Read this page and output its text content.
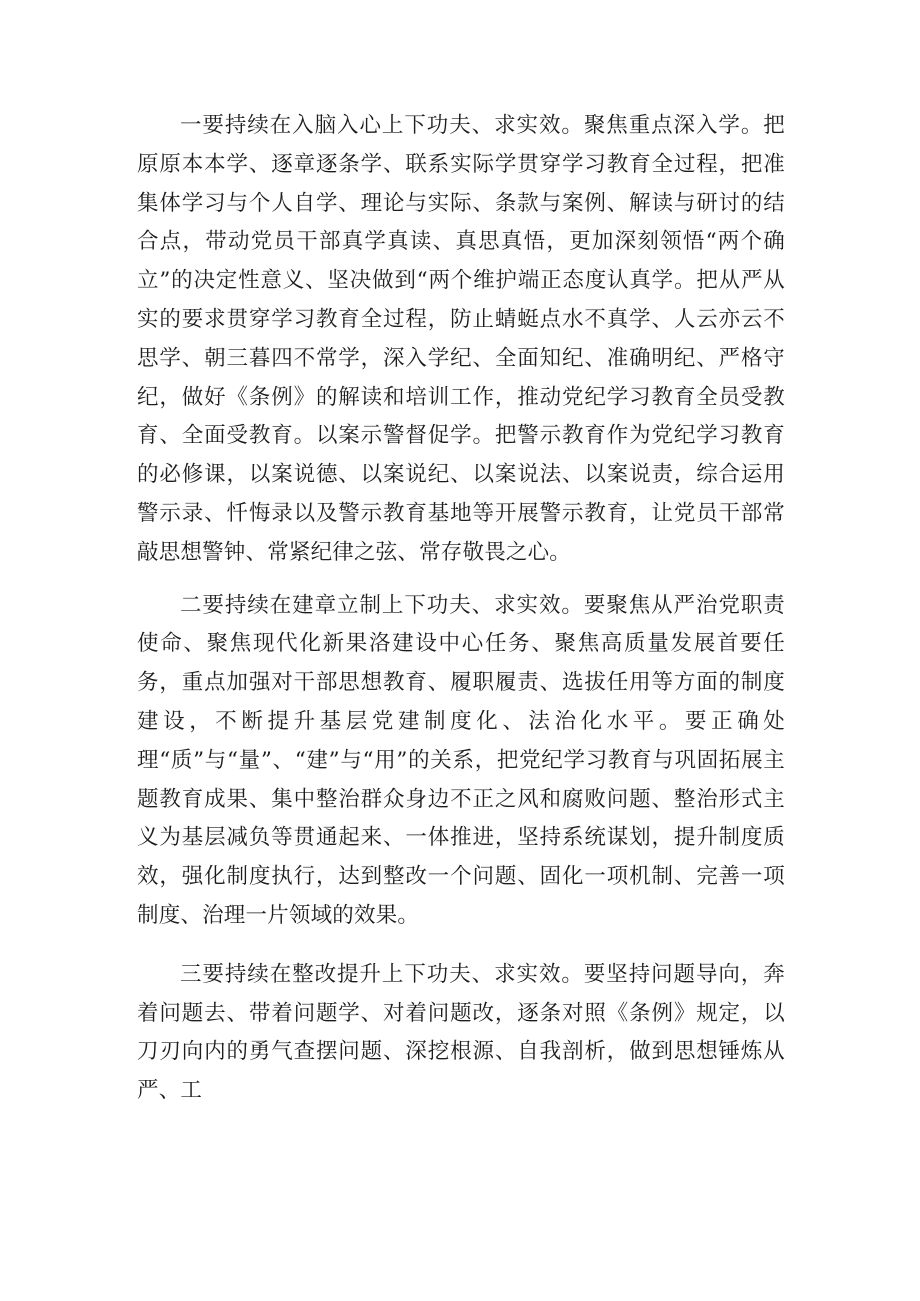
一要持续在入脑入心上下功夫、求实效。聚焦重点深入学。把原原本本学、逐章逐条学、联系实际学贯穿学习教育全过程，把准集体学习与个人自学、理论与实际、条款与案例、解读与研讨的结合点，带动党员干部真学真读、真思真悟，更加深刻领悟“两个确立”的决定性意义、坚决做到“两个维护端正态度认真学。把从严从实的要求贯穿学习教育全过程，防止蜻蜓点水不真学、人云亦云不思学、朝三暮四不常学，深入学纪、全面知纪、准确明纪、严格守纪，做好《条例》的解读和培训工作，推动党纪学习教育全员受教育、全面受教育。以案示警督促学。把警示教育作为党纪学习教育的必修课，以案说德、以案说纪、以案说法、以案说责，综合运用警示录、忏悔录以及警示教育基地等开展警示教育，让党员干部常敲思想警钟、常紧纪律之弦、常存敬畏之心。

二要持续在建章立制上下功夫、求实效。要聚焦从严治党职责使命、聚焦现代化新果洛建设中心任务、聚焦高质量发展首要任务，重点加强对干部思想教育、履职履责、选拔任用等方面的制度建设，不断提升基层党建制度化、法治化水平。要正确处理“质”与“量”、“建”与“用”的关系，把党纪学习教育与巩固拓展主题教育成果、集中整治群众身边不正之风和腐败问题、整治形式主义为基层减负等贯通起来、一体推进，坚持系统谋划，提升制度质效，强化制度执行，达到整改一个问题、固化一项机制、完善一项制度、治理一片领域的效果。

三要持续在整改提升上下功夫、求实效。要坚持问题导向，奔着问题去、带着问题学、对着问题改，逐条对照《条例》规定，以刀刃向内的勇气查摆问题、深挖根源、自我剖析，做到思想锤炼从严、工
